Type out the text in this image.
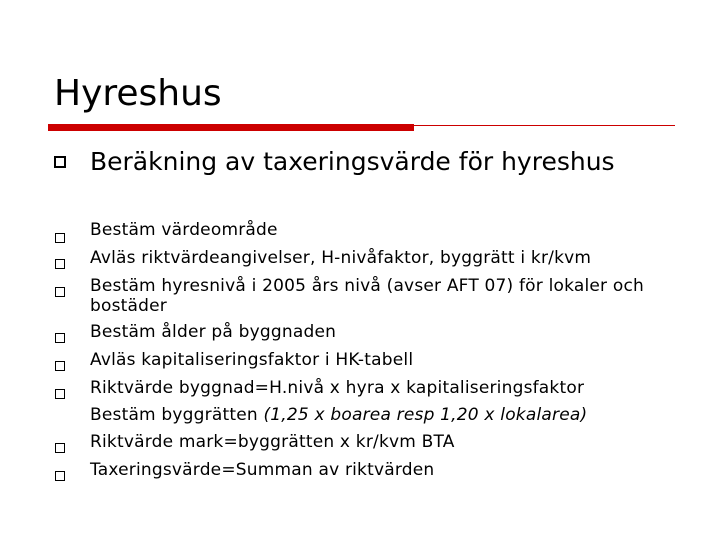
Hyreshus
Beräkning av taxeringsvärde för hyreshus
Bestäm värdeområde
Avläs riktvärdeangivelser, H-nivåfaktor, byggrätt i kr/kvm
Bestäm hyresnivå i 2005 års nivå (avser AFT 07) för lokaler och bostäder
Bestäm ålder på byggnaden
Avläs kapitaliseringsfaktor i HK-tabell
Riktvärde byggnad=H.nivå x hyra x kapitaliseringsfaktor
Bestäm byggrätten (1,25 x boarea resp 1,20 x lokalarea)
Riktvärde mark=byggrätten x kr/kvm BTA
Taxeringsvärde=Summan av riktvärden
